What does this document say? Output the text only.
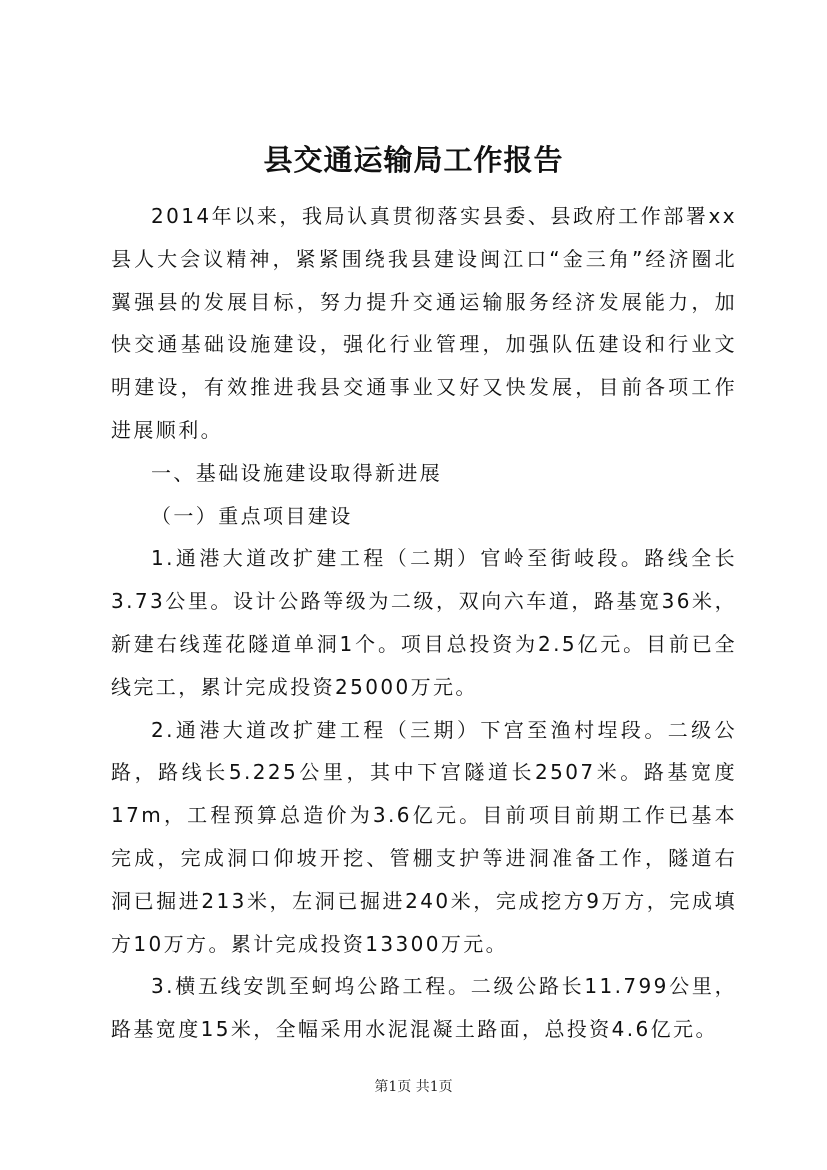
县交通运输局工作报告

2014年以来，我局认真贯彻落实县委、县政府工作部署xx县人大会议精神，紧紧围绕我县建设闽江口“金三角”经济圈北翼强县的发展目标，努力提升交通运输服务经济发展能力，加快交通基础设施建设，强化行业管理，加强队伍建设和行业文明建设，有效推进我县交通事业又好又快发展，目前各项工作进展顺利。

一、基础设施建设取得新进展

（一）重点项目建设

1.通港大道改扩建工程（二期）官岭至街岐段。路线全长3.73公里。设计公路等级为二级，双向六车道，路基宽36米，新建右线莲花隧道单洞1个。项目总投资为2.5亿元。目前已全线完工，累计完成投资25000万元。

2.通港大道改扩建工程（三期）下宫至渔村埕段。二级公路，路线长5.225公里，其中下宫隧道长2507米。路基宽度17m，工程预算总造价为3.6亿元。目前项目前期工作已基本完成，完成洞口仰坡开挖、管棚支护等进洞准备工作，隧道右洞已掘进213米，左洞已掘进240米，完成挖方9万方，完成填方10万方。累计完成投资13300万元。

3.横五线安凯至蚵坞公路工程。二级公路长11.799公里，路基宽度15米，全幅采用水泥混凝土路面，总投资4.6亿元。

第1页 共1页
